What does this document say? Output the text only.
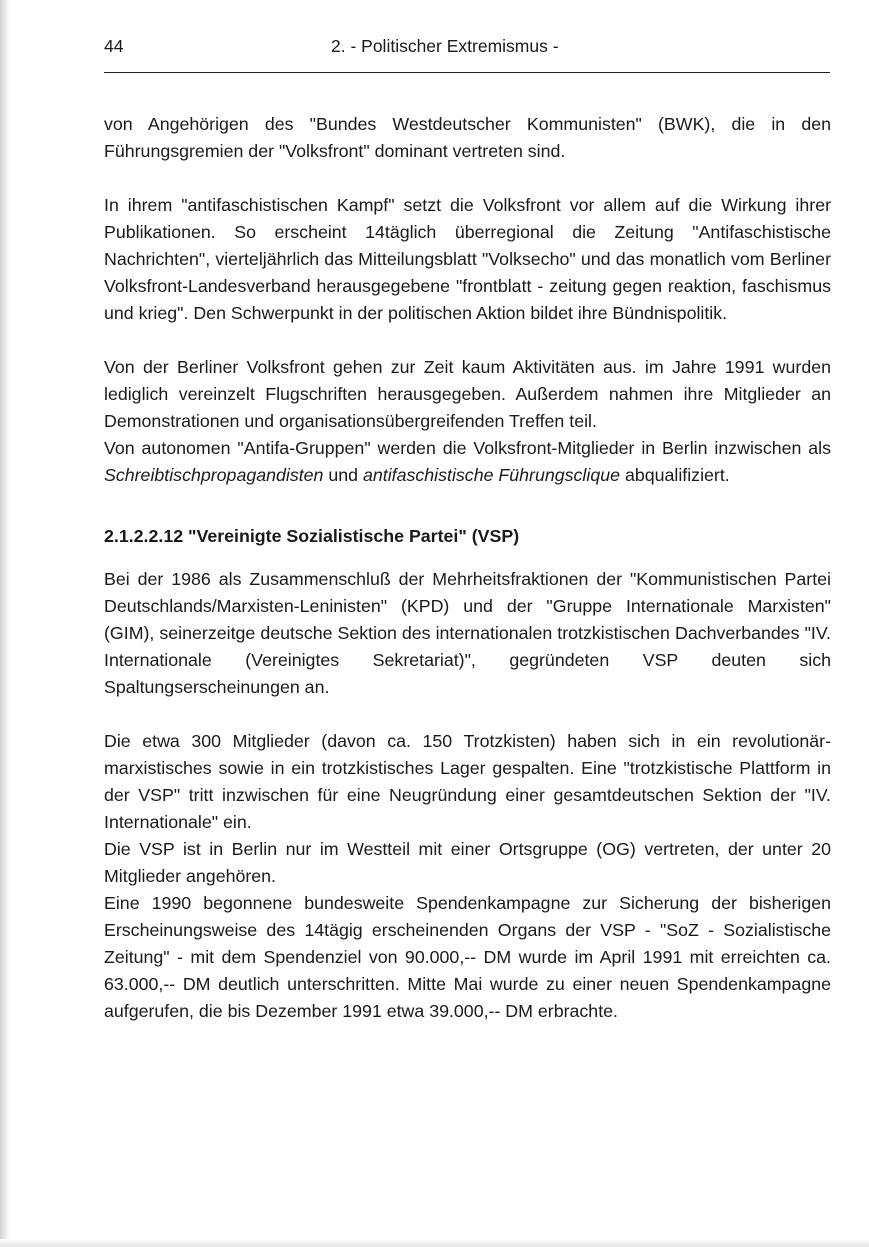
44	2. - Politischer Extremismus -

von Angehörigen des "Bundes Westdeutscher Kommunisten" (BWK), die in den Führungsgremien der "Volksfront" dominant vertreten sind.

In ihrem "antifaschistischen Kampf" setzt die Volksfront vor allem auf die Wirkung ihrer Publikationen. So erscheint 14täglich überregional die Zeitung "Antifaschistische Nachrichten", vierteljährlich das Mitteilungsblatt "Volksecho" und das monatlich vom Berliner Volksfront-Landesverband herausgegebene "frontblatt - zeitung gegen reaktion, faschismus und krieg". Den Schwerpunkt in der politischen Aktion bildet ihre Bündnispolitik.

Von der Berliner Volksfront gehen zur Zeit kaum Aktivitäten aus. im Jahre 1991 wurden lediglich vereinzelt Flugschriften herausgegeben. Außerdem nahmen ihre Mitglieder an Demonstrationen und organisationsübergreifenden Treffen teil.

Von autonomen "Antifa-Gruppen" werden die Volksfront-Mitglieder in Berlin inzwischen als Schreibtischpropagandisten und antifaschistische Führungsclique abqualifiziert.

2.1.2.2.12 "Vereinigte Sozialistische Partei" (VSP)

Bei der 1986 als Zusammenschluß der Mehrheitsfraktionen der "Kommunistischen Partei Deutschlands/Marxisten-Leninisten" (KPD) und der "Gruppe Internationale Marxisten" (GIM), seinerzeitge deutsche Sektion des internationalen trotzkistischen Dachverbandes "IV. Internationale (Vereinigtes Sekretariat)", gegründeten VSP deuten sich Spaltungserscheinungen an.

Die etwa 300 Mitglieder (davon ca. 150 Trotzkisten) haben sich in ein revolutionär-marxistisches sowie in ein trotzkistisches Lager gespalten. Eine "trotzkistische Plattform in der VSP" tritt inzwischen für eine Neugründung einer gesamtdeutschen Sektion der "IV. Internationale" ein.

Die VSP ist in Berlin nur im Westteil mit einer Ortsgruppe (OG) vertreten, der unter 20 Mitglieder angehören.

Eine 1990 begonnene bundesweite Spendenkampagne zur Sicherung der bisherigen Erscheinungsweise des 14tägig erscheinenden Organs der VSP - "SoZ - Sozialistische Zeitung" - mit dem Spendenziel von 90.000,-- DM wurde im April 1991 mit erreichten ca. 63.000,-- DM deutlich unterschritten. Mitte Mai wurde zu einer neuen Spendenkampagne aufgerufen, die bis Dezember 1991 etwa 39.000,-- DM erbrachte.
